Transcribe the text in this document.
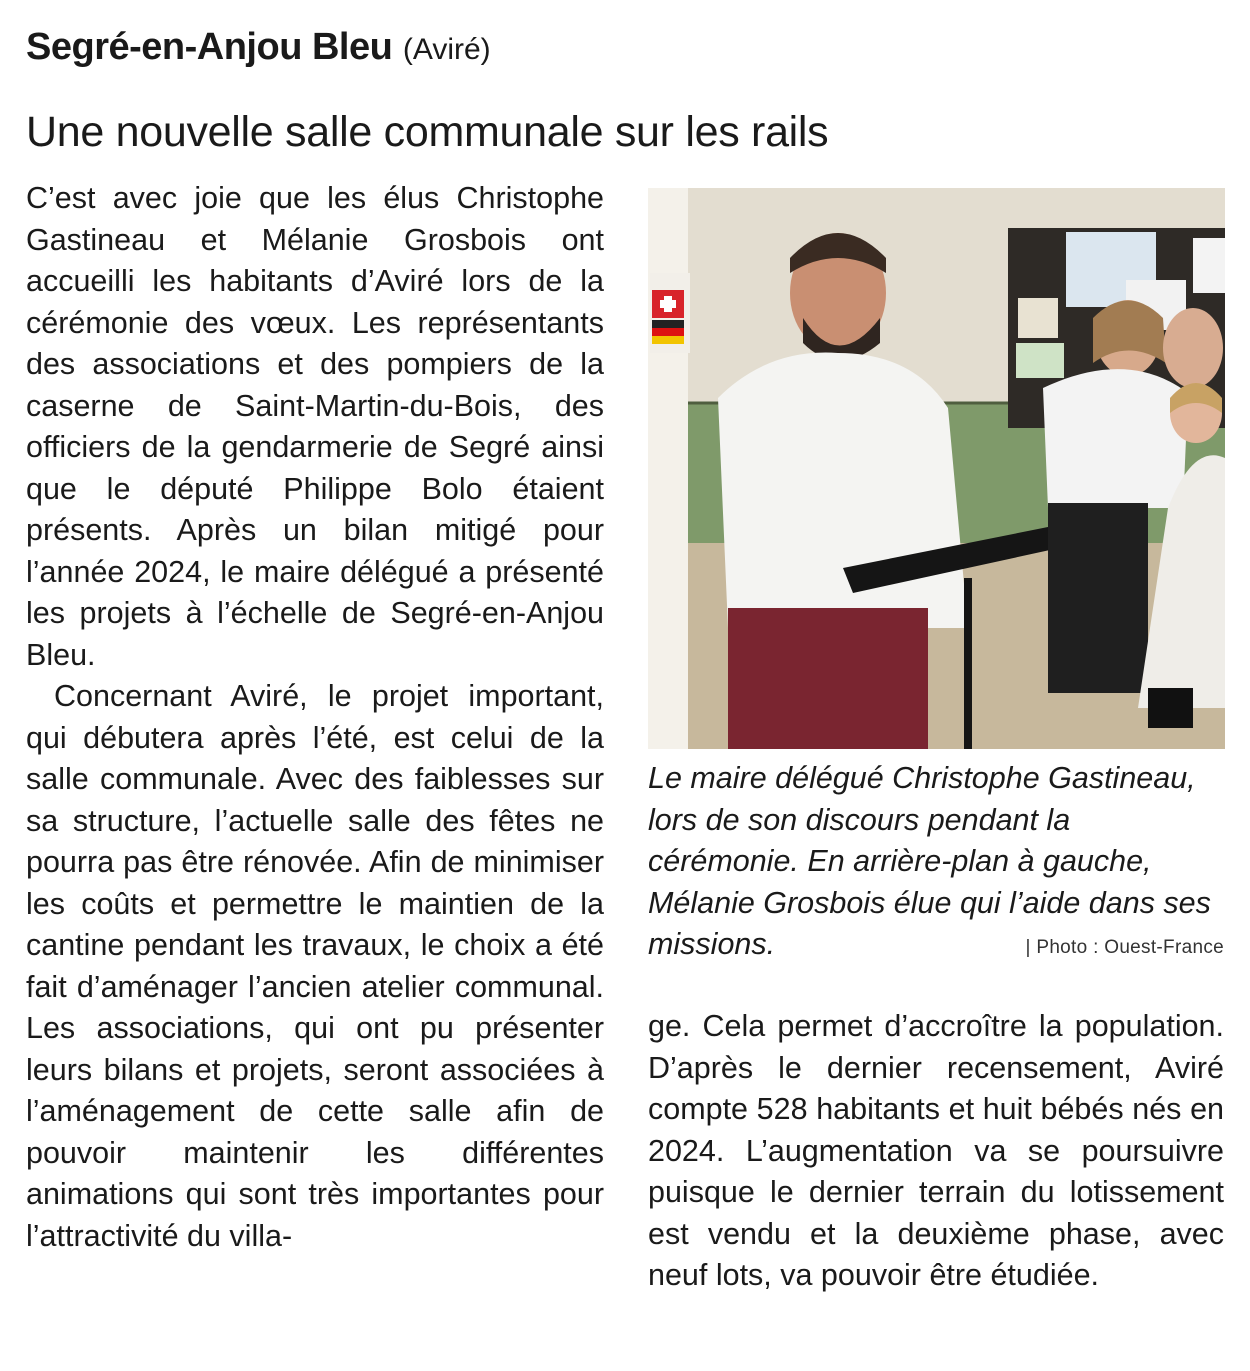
Segré-en-Anjou Bleu (Aviré)
Une nouvelle salle communale sur les rails

C’est avec joie que les élus Christophe Gastineau et Mélanie Grosbois ont accueilli les habitants d’Aviré lors de la cérémonie des vœux. Les représentants des associations et des pompiers de la caserne de Saint-Martin-du-Bois, des officiers de la gendarmerie de Segré ainsi que le député Philippe Bolo étaient présents. Après un bilan mitigé pour l’année 2024, le maire délégué a présenté les projets à l’échelle de Segré-en-Anjou Bleu.

Concernant Aviré, le projet important, qui débutera après l’été, est celui de la salle communale. Avec des faiblesses sur sa structure, l’actuelle salle des fêtes ne pourra pas être rénovée. Afin de minimiser les coûts et permettre le maintien de la cantine pendant les travaux, le choix a été fait d’aménager l’ancien atelier communal. Les associations, qui ont pu présenter leurs bilans et projets, seront associées à l’aménagement de cette salle afin de pouvoir maintenir les différentes animations qui sont très importantes pour l’attractivité du villa-

Le maire délégué Christophe Gastineau, lors de son discours pendant la cérémonie. En arrière-plan à gauche, Mélanie Grosbois élue qui l’aide dans ses missions.	| Photo : Ouest-France

ge. Cela permet d’accroître la population. D’après le dernier recensement, Aviré compte 528 habitants et huit bébés nés en 2024. L’augmentation va se poursuivre puisque le dernier terrain du lotissement est vendu et la deuxième phase, avec neuf lots, va pouvoir être étudiée.
